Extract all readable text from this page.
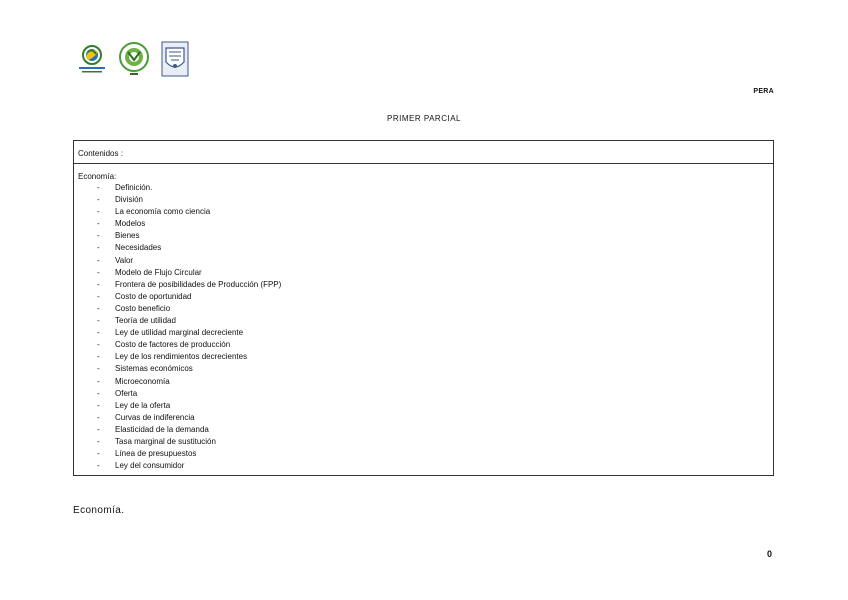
PERA
PRIMER PARCIAL
Contenidos :
Economía:
- Definición.
- División
- La economía como ciencia
- Modelos
- Bienes
- Necesidades
- Valor
- Modelo de Flujo Circular
- Frontera de posibilidades de Producción (FPP)
- Costo de oportunidad
- Costo beneficio
- Teoría de utilidad
- Ley de utilidad marginal decreciente
- Costo de factores de producción
- Ley de los rendimientos decrecientes
- Sistemas económicos
- Microeconomía
- Oferta
- Ley de la oferta
- Curvas de indiferencia
- Elasticidad de la demanda
- Tasa marginal de sustitución
- Línea de presupuestos
- Ley del consumidor
Economía.
0
